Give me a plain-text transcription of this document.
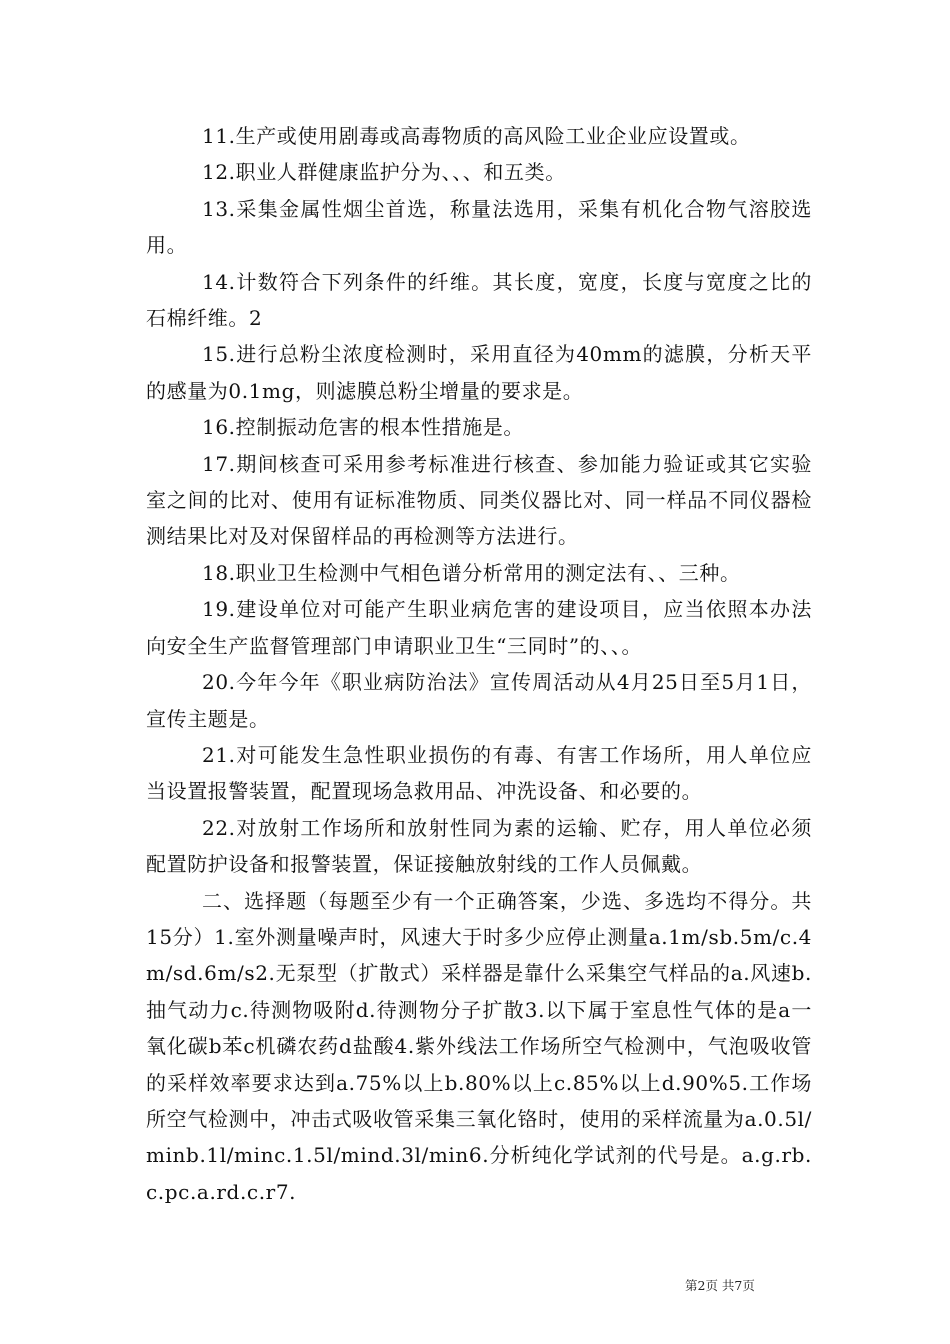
11.生产或使用剧毒或高毒物质的高风险工业企业应设置或。

12.职业人群健康监护分为、、、和五类。

13.采集金属性烟尘首选，称量法选用，采集有机化合物气溶胶选用。

14.计数符合下列条件的纤维。其长度，宽度，长度与宽度之比的石棉纤维。2

15.进行总粉尘浓度检测时，采用直径为40mm的滤膜，分析天平的感量为0.1mg，则滤膜总粉尘增量的要求是。

16.控制振动危害的根本性措施是。

17.期间核查可采用参考标准进行核查、参加能力验证或其它实验室之间的比对、使用有证标准物质、同类仪器比对、同一样品不同仪器检测结果比对及对保留样品的再检测等方法进行。

18.职业卫生检测中气相色谱分析常用的测定法有、、三种。

19.建设单位对可能产生职业病危害的建设项目，应当依照本办法向安全生产监督管理部门申请职业卫生“三同时”的、、。

20.今年今年《职业病防治法》宣传周活动从4月25日至5月1日，宣传主题是。

21.对可能发生急性职业损伤的有毒、有害工作场所，用人单位应当设置报警装置，配置现场急救用品、冲洗设备、和必要的。

22.对放射工作场所和放射性同为素的运输、贮存，用人单位必须配置防护设备和报警装置，保证接触放射线的工作人员佩戴。

二、选择题（每题至少有一个正确答案，少选、多选均不得分。共15分）1.室外测量噪声时，风速大于时多少应停止测量a.1m/sb.5m/c.4m/sd.6m/s2.无泵型（扩散式）采样器是靠什么采集空气样品的a.风速b.抽气动力c.待测物吸附d.待测物分子扩散3.以下属于室息性气体的是a一氧化碳b苯c机磷农药d盐酸4.紫外线法工作场所空气检测中，气泡吸收管的采样效率要求达到a.75%以上b.80%以上c.85%以上d.90%5.工作场所空气检测中，冲击式吸收管采集三氧化铬时，使用的采样流量为a.0.5l/minb.1l/minc.1.5l/mind.3l/min6.分析纯化学试剂的代号是。a.g.rb.c.pc.a.rd.c.r7.

第2页 共7页
